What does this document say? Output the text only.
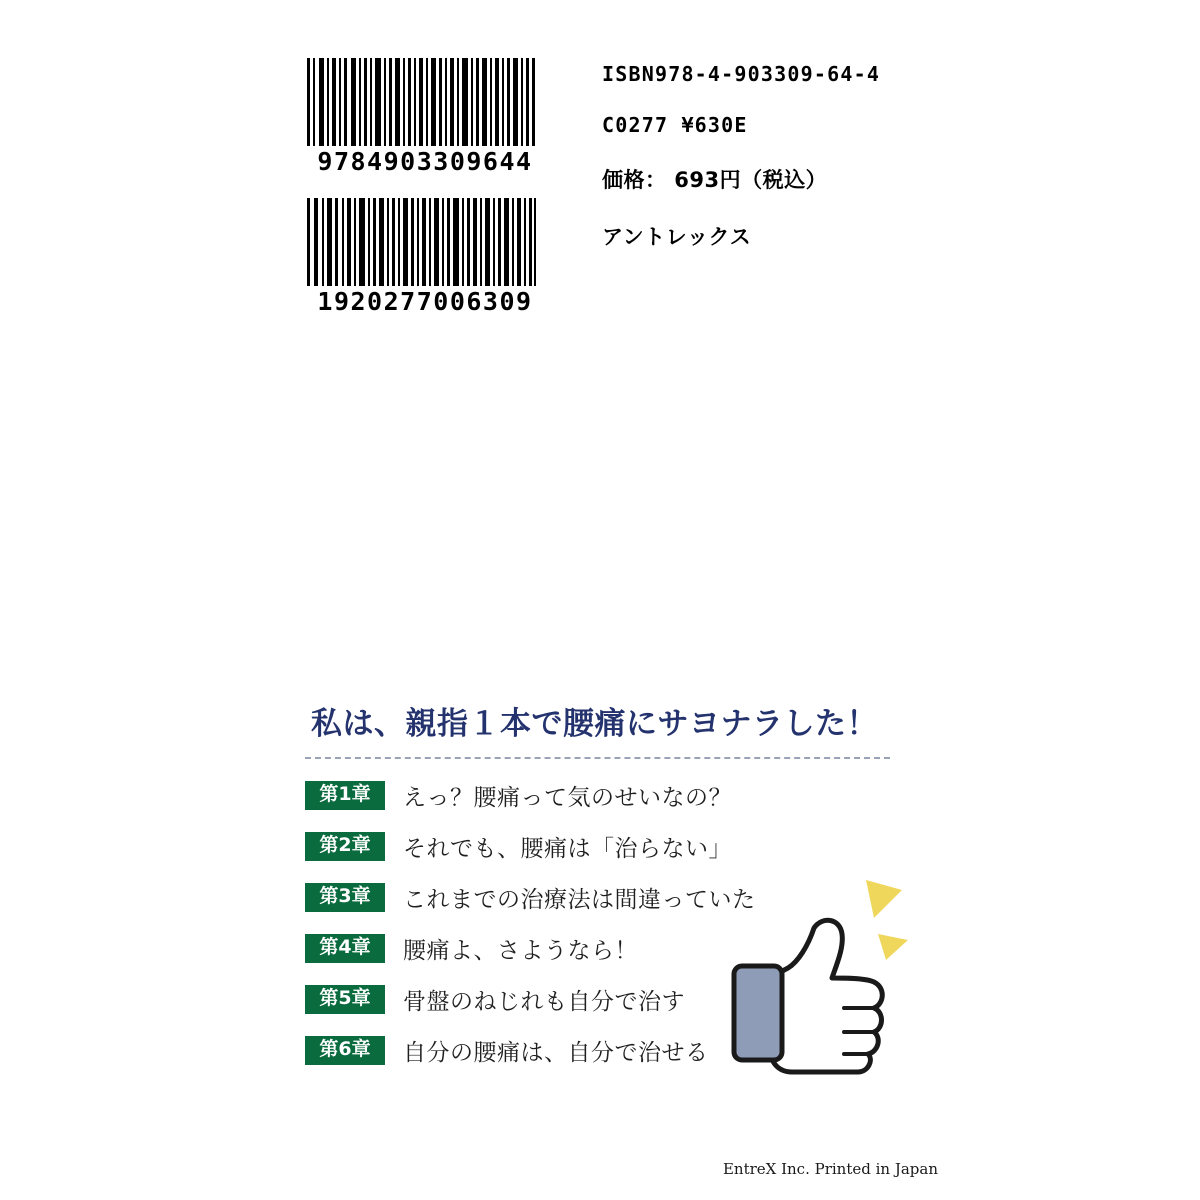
9784903309644
1920277006309
ISBN978-4-903309-64-4
C0277 ¥630E
価格： 693円（税込）
アントレックス
私は、親指１本で腰痛にサヨナラした！
第1章	えっ？腰痛って気のせいなの？
第2章	それでも、腰痛は「治らない」
第3章	これまでの治療法は間違っていた
第4章	腰痛よ、さようなら！
第5章	骨盤のねじれも自分で治す
第6章	自分の腰痛は、自分で治せる
EntreX Inc. Printed in Japan
